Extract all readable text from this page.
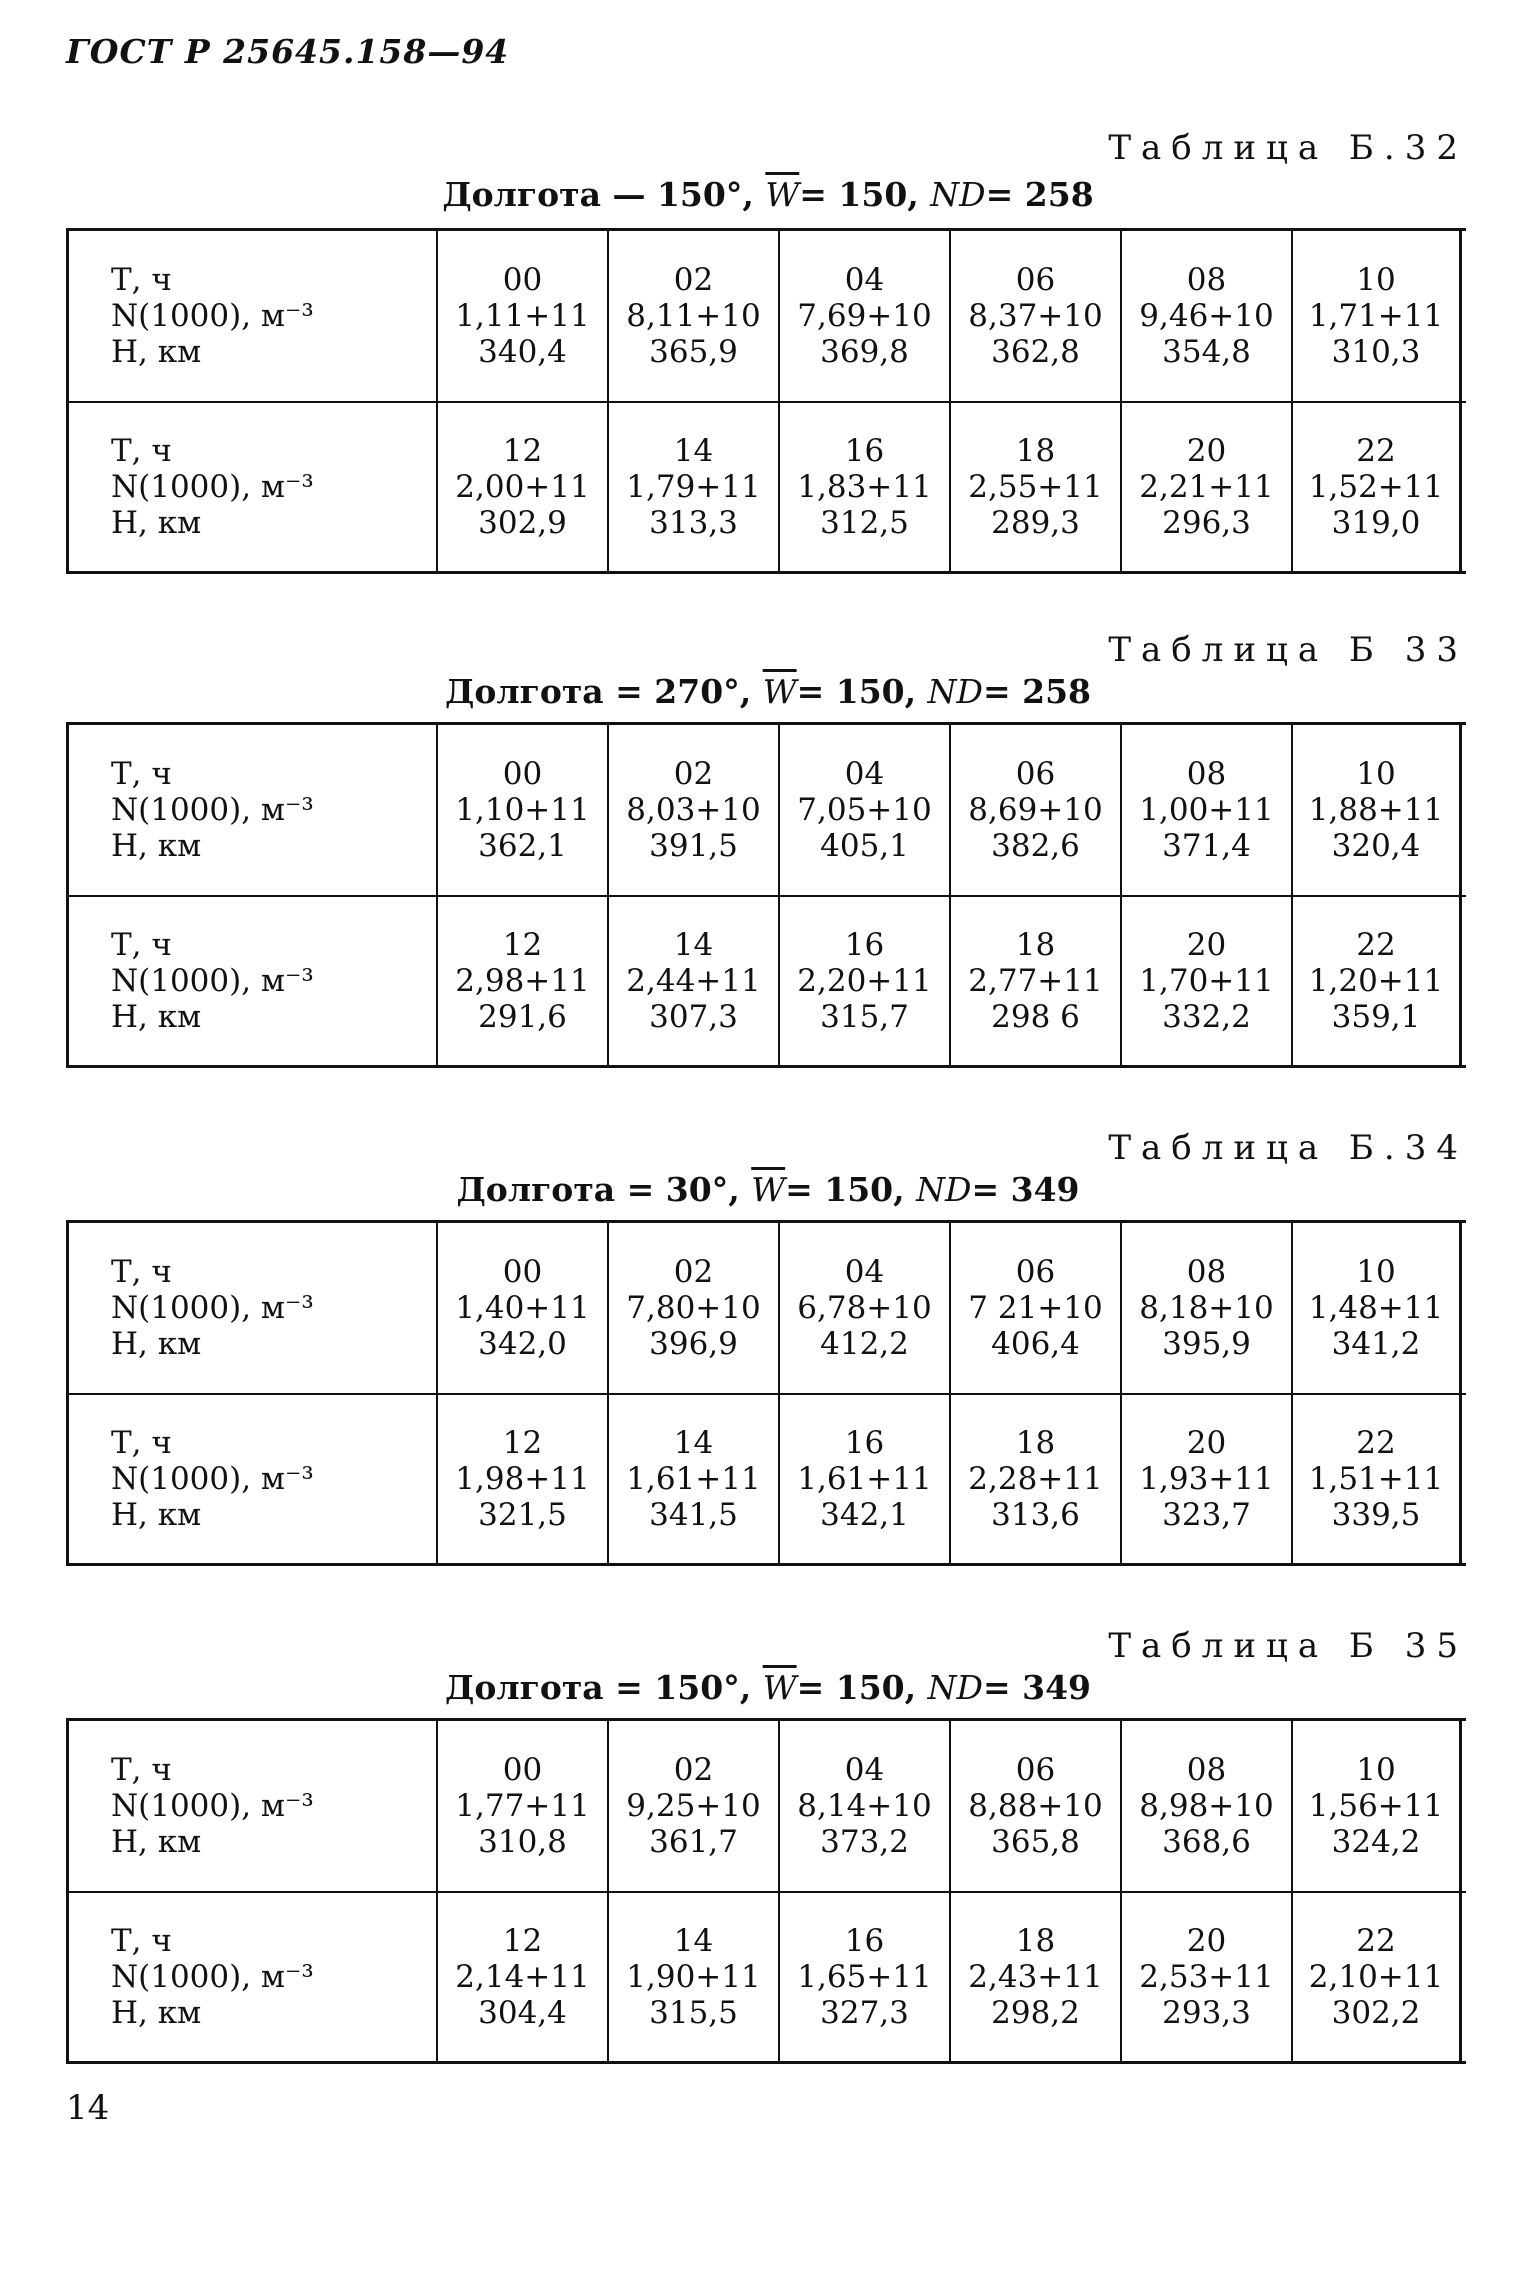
ГОСТ Р 25645.158—94
Таблица Б.32
Долгота — 150°, $\overline{W}= 150$, ND= 258
Т, ч
N(1000), м⁻³
Н, км
00
1,11+11
340,4
02
8,11+10
365,9
04
7,69+10
369,8
06
8,37+10
362,8
08
9,46+10
354,8
10
1,71+11
310,3
Т, ч
N(1000), м⁻³
Н, км
12
2,00+11
302,9
14
1,79+11
313,3
16
1,83+11
312,5
18
2,55+11
289,3
20
2,21+11
296,3
22
1,52+11
319,0
Таблица Б 33
Долгота = 270°, $\overline{W}= 150$, ND= 258
Т, ч
N(1000), м⁻³
Н, км
00
1,10+11
362,1
02
8,03+10
391,5
04
7,05+10
405,1
06
8,69+10
382,6
08
1,00+11
371,4
10
1,88+11
320,4
Т, ч
N(1000), м⁻³
Н, км
12
2,98+11
291,6
14
2,44+11
307,3
16
2,20+11
315,7
18
2,77+11
298 6
20
1,70+11
332,2
22
1,20+11
359,1
Таблица Б.34
Долгота = 30°, $\overline{W}= 150$, ND= 349
Т, ч
N(1000), м⁻³
Н, км
00
1,40+11
342,0
02
7,80+10
396,9
04
6,78+10
412,2
06
7 21+10
406,4
08
8,18+10
395,9
10
1,48+11
341,2
Т, ч
N(1000), м⁻³
Н, км
12
1,98+11
321,5
14
1,61+11
341,5
16
1,61+11
342,1
18
2,28+11
313,6
20
1,93+11
323,7
22
1,51+11
339,5
Таблица Б 35
Долгота = 150°, $\overline{W}= 150$, ND= 349
Т, ч
N(1000), м⁻³
Н, км
00
1,77+11
310,8
02
9,25+10
361,7
04
8,14+10
373,2
06
8,88+10
365,8
08
8,98+10
368,6
10
1,56+11
324,2
Т, ч
N(1000), м⁻³
Н, км
12
2,14+11
304,4
14
1,90+11
315,5
16
1,65+11
327,3
18
2,43+11
298,2
20
2,53+11
293,3
22
2,10+11
302,2
14
